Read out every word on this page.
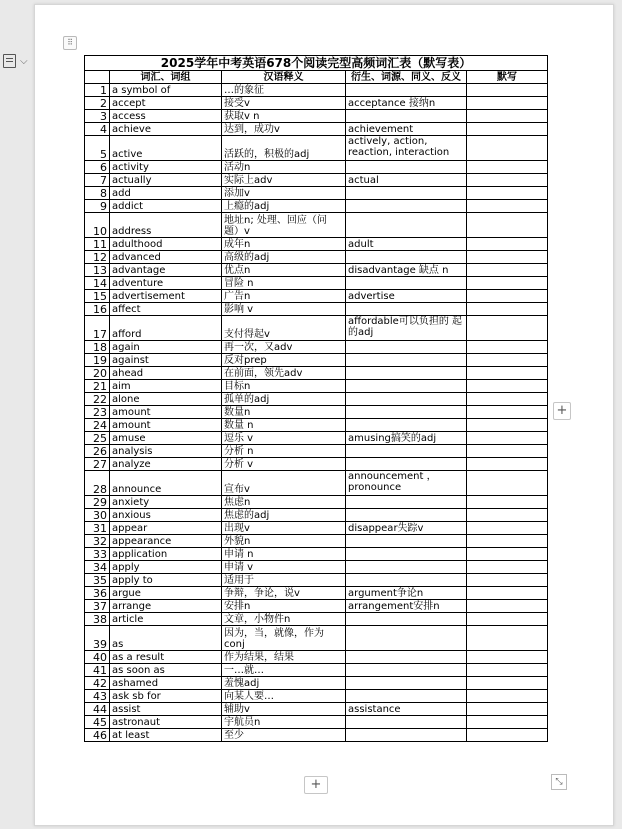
⌵
⠿
2025学年中考英语678个阅读完型高频词汇表（默写表）				
	词汇、词组	汉语释义	衍生、词源、同义、反义	默写
1	a symbol of	…的象征		
2	accept	接受v	acceptance 接纳n	
3	access	获取v n		
4	achieve	达到，成功v	achievement	
5	active	活跃的，积极的adj	actively, action, reaction, interaction	
6	activity	活动n		
7	actually	实际上adv	actual	
8	add	添加v		
9	addict	上瘾的adj		
10	address	地址n; 处理、回应（问 题）v		
11	adulthood	成年n	adult	
12	advanced	高级的adj		
13	advantage	优点n	disadvantage 缺点 n	
14	adventure	冒险 n		
15	advertisement	广告n	advertise	
16	affect	影响 v		
17	afford	支付得起v	affordable可以负担的 起的adj	
18	again	再一次，又adv		
19	against	反对prep		
20	ahead	在前面，领先adv		
21	aim	目标n		
22	alone	孤单的adj		
23	amount	数量n		
24	amount	数量 n		
25	amuse	逗乐 v	amusing搞笑的adj	
26	analysis	分析 n		
27	analyze	分析 v		
28	announce	宣布v	announcement ，pronounce	
29	anxiety	焦虑n		
30	anxious	焦虑的adj		
31	appear	出现v	disappear失踪v	
32	appearance	外貌n		
33	application	申请 n		
34	apply	申请 v		
35	apply to	适用于		
36	argue	争辩，争论，说v	argument争论n	
37	arrange	安排n	arrangement安排n	
38	article	文章，小物件n		
39	as	因为，当，就像，作为conj		
40	as a result	作为结果，结果		
41	as soon as	一…就…		
42	ashamed	羞愧adj		
43	ask sb for	向某人要…		
44	assist	辅助v	assistance	
45	astronaut	宇航员n		
46	at least	至少		
+
+	⤡
